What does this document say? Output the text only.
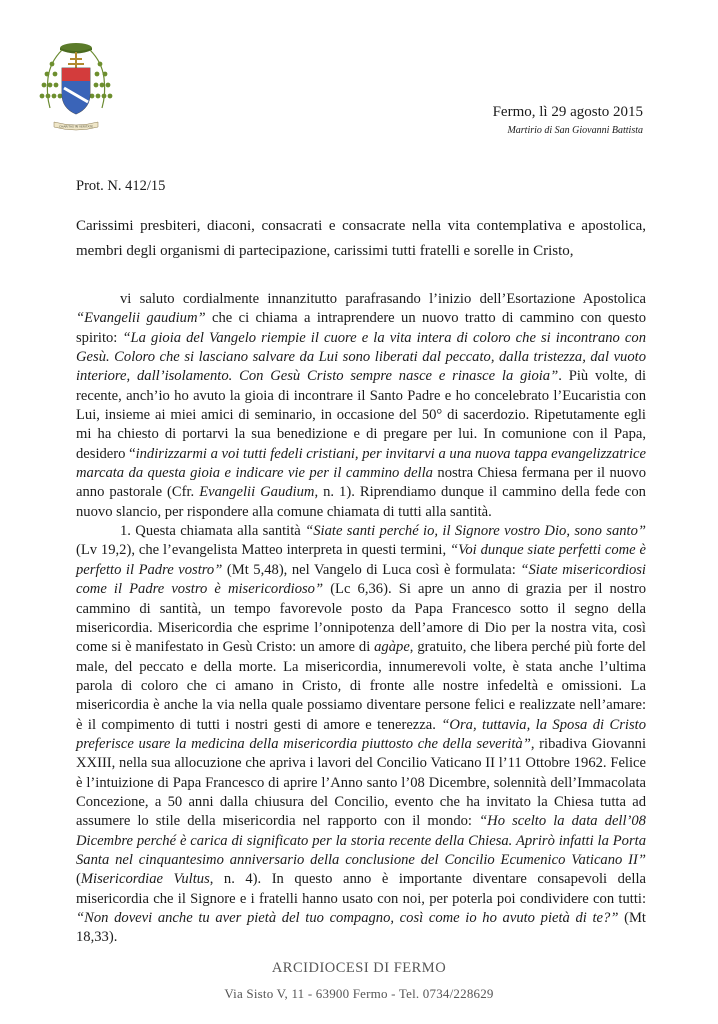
CHARITAS IN VERITATE
Fermo, lì 29 agosto 2015
Martirio di San Giovanni Battista
Prot. N. 412/15
Carissimi presbiteri, diaconi, consacrati e consacrate nella vita contemplativa e apostolica, membri degli organismi di partecipazione, carissimi tutti fratelli e sorelle in Cristo,

vi saluto cordialmente innanzitutto parafrasando l’inizio dell’Esortazione Apostolica “Evangelii gaudium” che ci chiama a intraprendere un nuovo tratto di cammino con questo spirito: “La gioia del Vangelo riempie il cuore e la vita intera di coloro che si incontrano con Gesù. Coloro che si lasciano salvare da Lui sono liberati dal peccato, dalla tristezza, dal vuoto interiore, dall’isolamento. Con Gesù Cristo sempre nasce e rinasce la gioia”. Più volte, di recente, anch’io ho avuto la gioia di incontrare il Santo Padre e ho concelebrato l’Eucaristia con Lui, insieme ai miei amici di seminario, in occasione del 50° di sacerdozio. Ripetutamente egli mi ha chiesto di portarvi la sua benedizione e di pregare per lui. In comunione con il Papa, desidero “indirizzarmi a voi tutti fedeli cristiani, per invitarvi a una nuova tappa evangelizzatrice marcata da questa gioia e indicare vie per il cammino della nostra Chiesa fermana per il nuovo anno pastorale (Cfr. Evangelii Gaudium, n. 1). Riprendiamo dunque il cammino della fede con nuovo slancio, per rispondere alla comune chiamata di tutti alla santità.

1. Questa chiamata alla santità “Siate santi perché io, il Signore vostro Dio, sono santo” (Lv 19,2), che l’evangelista Matteo interpreta in questi termini, “Voi dunque siate perfetti come è perfetto il Padre vostro” (Mt 5,48), nel Vangelo di Luca così è formulata: “Siate misericordiosi come il Padre vostro è misericordioso” (Lc 6,36). Si apre un anno di grazia per il nostro cammino di santità, un tempo favorevole posto da Papa Francesco sotto il segno della misericordia. Misericordia che esprime l’onnipotenza dell’amore di Dio per la nostra vita, così come si è manifestato in Gesù Cristo: un amore di agàpe, gratuito, che libera perché più forte del male, del peccato e della morte. La misericordia, innumerevoli volte, è stata anche l’ultima parola di coloro che ci amano in Cristo, di fronte alle nostre infedeltà e omissioni. La misericordia è anche la via nella quale possiamo diventare persone felici e realizzate nell’amare: è il compimento di tutti i nostri gesti di amore e tenerezza. “Ora, tuttavia, la Sposa di Cristo preferisce usare la medicina della misericordia piuttosto che della severità”, ribadiva Giovanni XXIII, nella sua allocuzione che apriva i lavori del Concilio Vaticano II l’11 Ottobre 1962. Felice è l’intuizione di Papa Francesco di aprire l’Anno santo l’08 Dicembre, solennità dell’Immacolata Concezione, a 50 anni dalla chiusura del Concilio, evento che ha invitato la Chiesa tutta ad assumere lo stile della misericordia nel rapporto con il mondo: “Ho scelto la data dell’08 Dicembre perché è carica di significato per la storia recente della Chiesa. Aprirò infatti la Porta Santa nel cinquantesimo anniversario della conclusione del Concilio Ecumenico Vaticano II” (Misericordiae Vultus, n. 4). In questo anno è importante diventare consapevoli della misericordia che il Signore e i fratelli hanno usato con noi, per poterla poi condividere con tutti: “Non dovevi anche tu aver pietà del tuo compagno, così come io ho avuto pietà di te?” (Mt 18,33).

ARCIDIOCESI DI FERMO
Via Sisto V, 11 - 63900 Fermo - Tel. 0734/228629
